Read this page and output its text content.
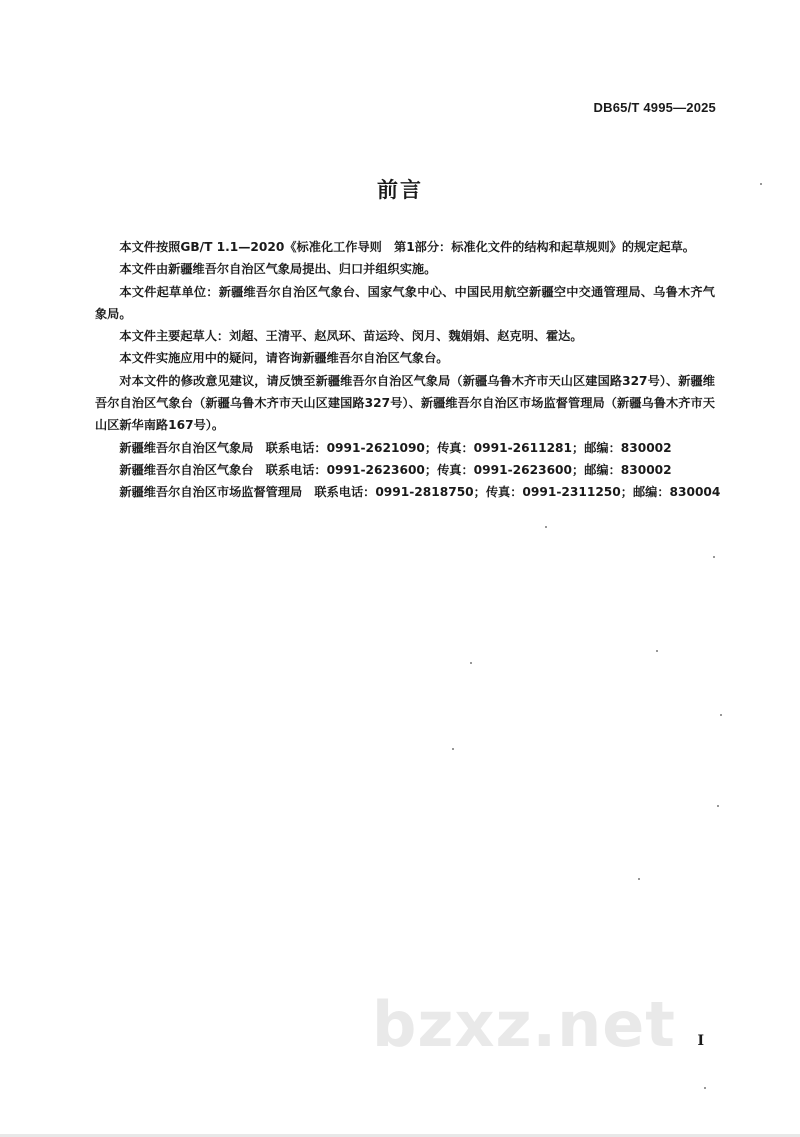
DB65/T 4995—2025
前言

本文件按照GB/T 1.1—2020《标准化工作导则　第1部分：标准化文件的结构和起草规则》的规定起草。

本文件由新疆维吾尔自治区气象局提出、归口并组织实施。

本文件起草单位：新疆维吾尔自治区气象台、国家气象中心、中国民用航空新疆空中交通管理局、乌鲁木齐气象局。

本文件主要起草人：刘超、王清平、赵凤环、苗运玲、闵月、魏娟娟、赵克明、霍达。

本文件实施应用中的疑问，请咨询新疆维吾尔自治区气象台。

对本文件的修改意见建议，请反馈至新疆维吾尔自治区气象局（新疆乌鲁木齐市天山区建国路327号）、新疆维吾尔自治区气象台（新疆乌鲁木齐市天山区建国路327号）、新疆维吾尔自治区市场监督管理局（新疆乌鲁木齐市天山区新华南路167号）。

新疆维吾尔自治区气象局　联系电话：0991-2621090；传真：0991-2611281；邮编：830002

新疆维吾尔自治区气象台　联系电话：0991-2623600；传真：0991-2623600；邮编：830002

新疆维吾尔自治区市场监督管理局　联系电话：0991-2818750；传真：0991-2311250；邮编：830004

bzxz.net I
